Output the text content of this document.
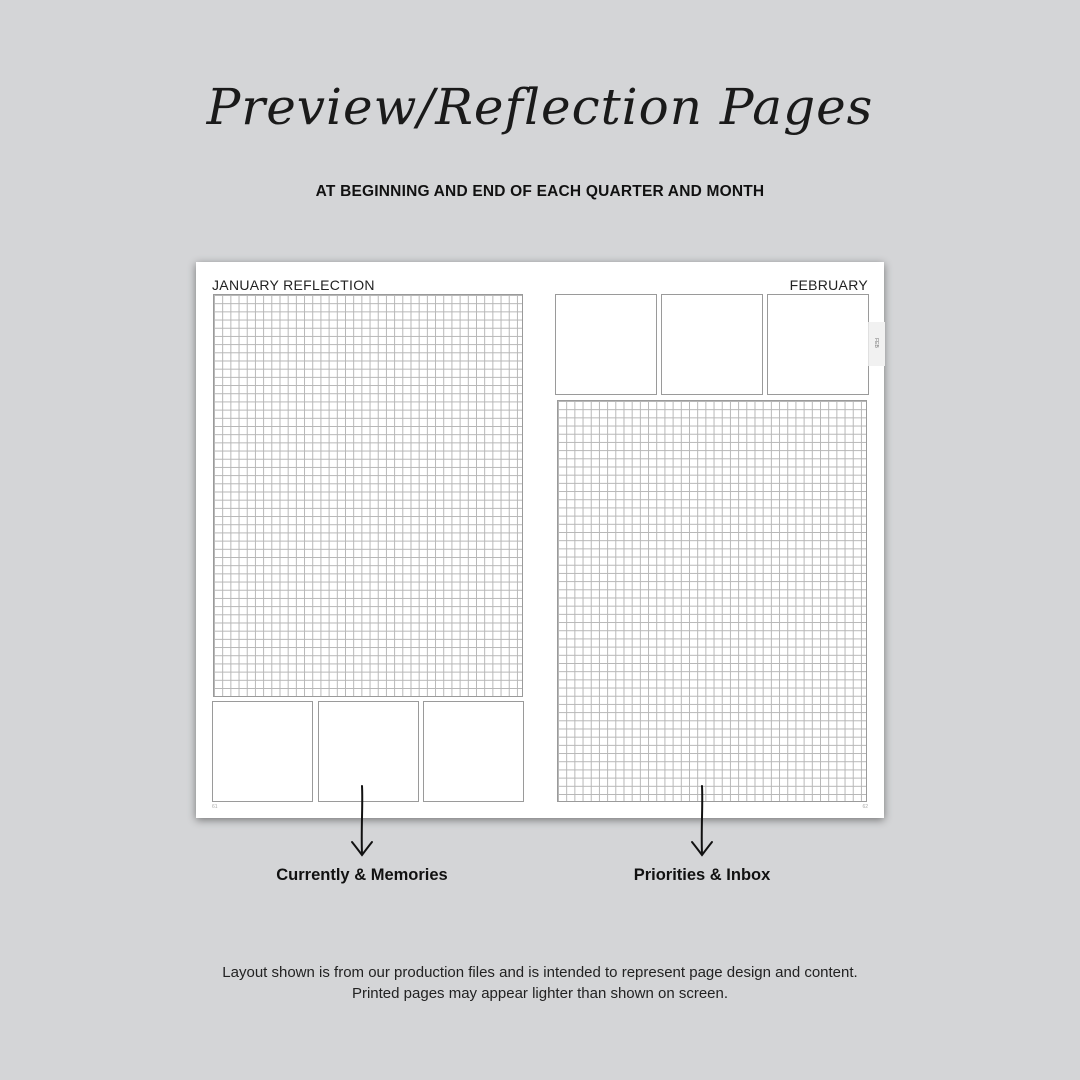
Preview/Reflection Pages
AT BEGINNING AND END OF EACH QUARTER AND MONTH
JANUARY REFLECTION
61
FEBRUARY
62
FEB
Currently & Memories	Priorities & Inbox
Layout shown is from our production files and is intended to represent page design and content.
Printed pages may appear lighter than shown on screen.
